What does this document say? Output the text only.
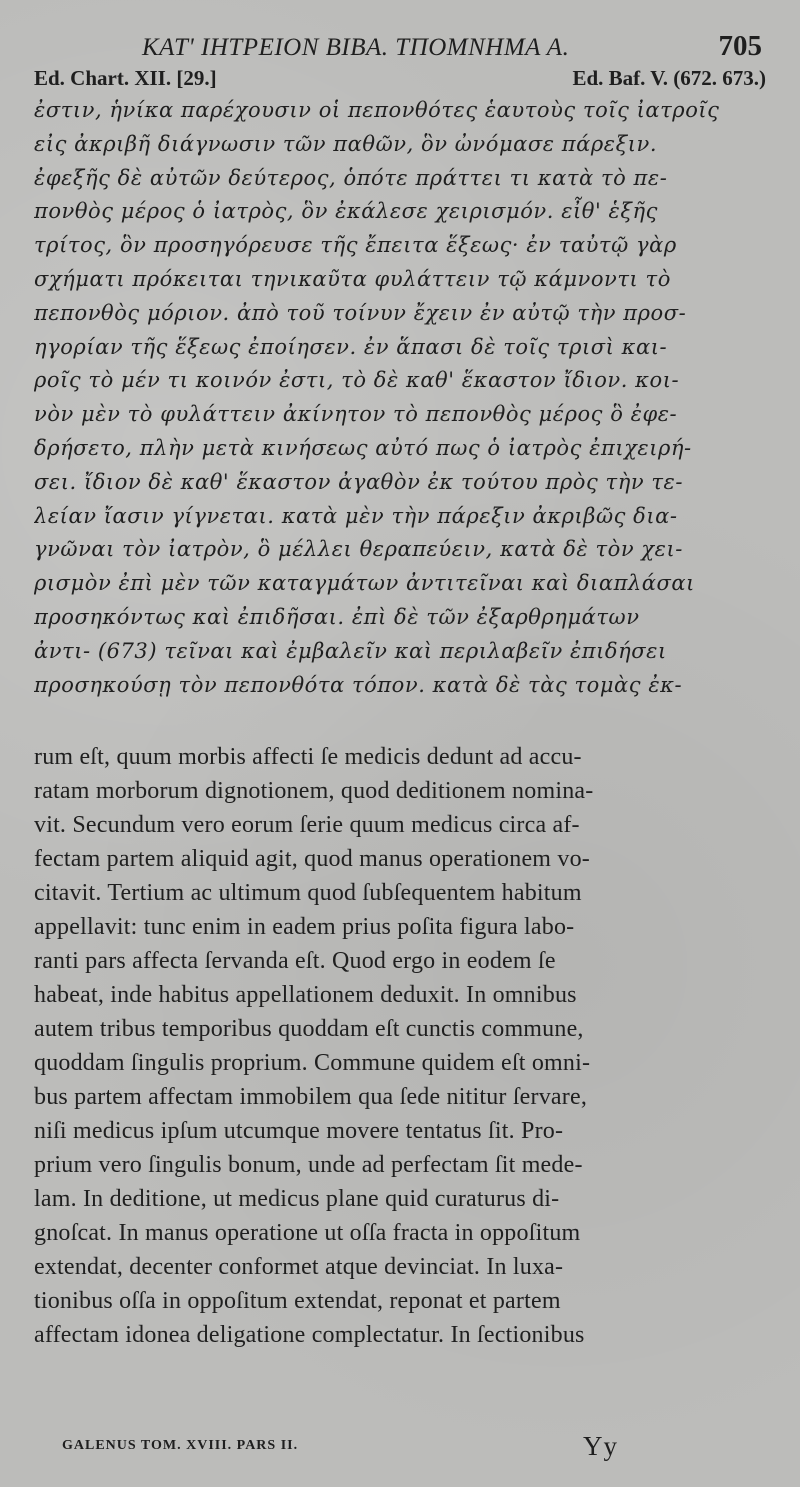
KAT' IHTPEION BIBA. TПOMNHMA A.	705
Ed. Chart. XII. [29.]	Ed. Baf. V. (672. 673.)
ἐστιν, ἡνίκα παρέχουσιν οἱ πεπονθότες ἑαυτοὺς τοῖς ἰατροῖς
εἰς ἀκριβῆ διάγνωσιν τῶν παθῶν, ὃν ὠνόμασε πάρεξιν.
ἐφεξῆς δὲ αὐτῶν δεύτερος, ὁπότε πράττει τι κατὰ τὸ πε-
πονθὸς μέρος ὁ ἰατρὸς, ὃν ἐκάλεσε χειρισμόν. εἶθ' ἑξῆς
τρίτος, ὃν προσηγόρευσε τῆς ἔπειτα ἕξεως· ἐν ταὐτῷ γὰρ
σχήματι πρόκειται τηνικαῦτα φυλάττειν τῷ κάμνοντι τὸ
πεπονθὸς μόριον. ἀπὸ τοῦ τοίνυν ἔχειν ἐν αὐτῷ τὴν προσ-
ηγορίαν τῆς ἕξεως ἐποίησεν. ἐν ἅπασι δὲ τοῖς τρισὶ και-
ροῖς τὸ μέν τι κοινόν ἐστι, τὸ δὲ καθ' ἕκαστον ἴδιον. κοι-
νὸν μὲν τὸ φυλάττειν ἀκίνητον τὸ πεπονθὸς μέρος ὃ ἐφε-
δρήσετο, πλὴν μετὰ κινήσεως αὐτό πως ὁ ἰατρὸς ἐπιχειρή-
σει. ἴδιον δὲ καθ' ἕκαστον ἀγαθὸν ἐκ τούτου πρὸς τὴν τε-
λείαν ἴασιν γίγνεται. κατὰ μὲν τὴν πάρεξιν ἀκριβῶς δια-
γνῶναι τὸν ἰατρὸν, ὃ μέλλει θεραπεύειν, κατὰ δὲ τὸν χει-
ρισμὸν ἐπὶ μὲν τῶν καταγμάτων ἀντιτεῖναι καὶ διαπλάσαι
προσηκόντως καὶ ἐπιδῆσαι. ἐπὶ δὲ τῶν ἐξαρθρημάτων
ἀντι- (673) τεῖναι καὶ ἐμβαλεῖν καὶ περιλαβεῖν ἐπιδήσει
προσηκούσῃ τὸν πεπονθότα τόπον. κατὰ δὲ τὰς τομὰς ἐκ-
rum eſt, quum morbis affecti ſe medicis dedunt ad accu-
ratam morborum dignotionem, quod deditionem nomina-
vit. Secundum vero eorum ſerie quum medicus circa af-
fectam partem aliquid agit, quod manus operationem vo-
citavit. Tertium ac ultimum quod ſubſequentem habitum
appellavit: tunc enim in eadem prius poſita figura labo-
ranti pars affecta ſervanda eſt. Quod ergo in eodem ſe
habeat, inde habitus appellationem deduxit. In omnibus
autem tribus temporibus quoddam eſt cunctis commune,
quoddam ſingulis proprium. Commune quidem eſt omni-
bus partem affectam immobilem qua ſede nititur ſervare,
niſi medicus ipſum utcumque movere tentatus ſit. Pro-
prium vero ſingulis bonum, unde ad perfectam ſit mede-
lam. In deditione, ut medicus plane quid curaturus di-
gnoſcat. In manus operatione ut oſſa fracta in oppoſitum
extendat, decenter conformet atque devinciat. In luxa-
tionibus oſſa in oppoſitum extendat, reponat et partem
affectam idonea deligatione complectatur. In ſectionibus
GALENUS TOM. XVIII. PARS II.	Yy
